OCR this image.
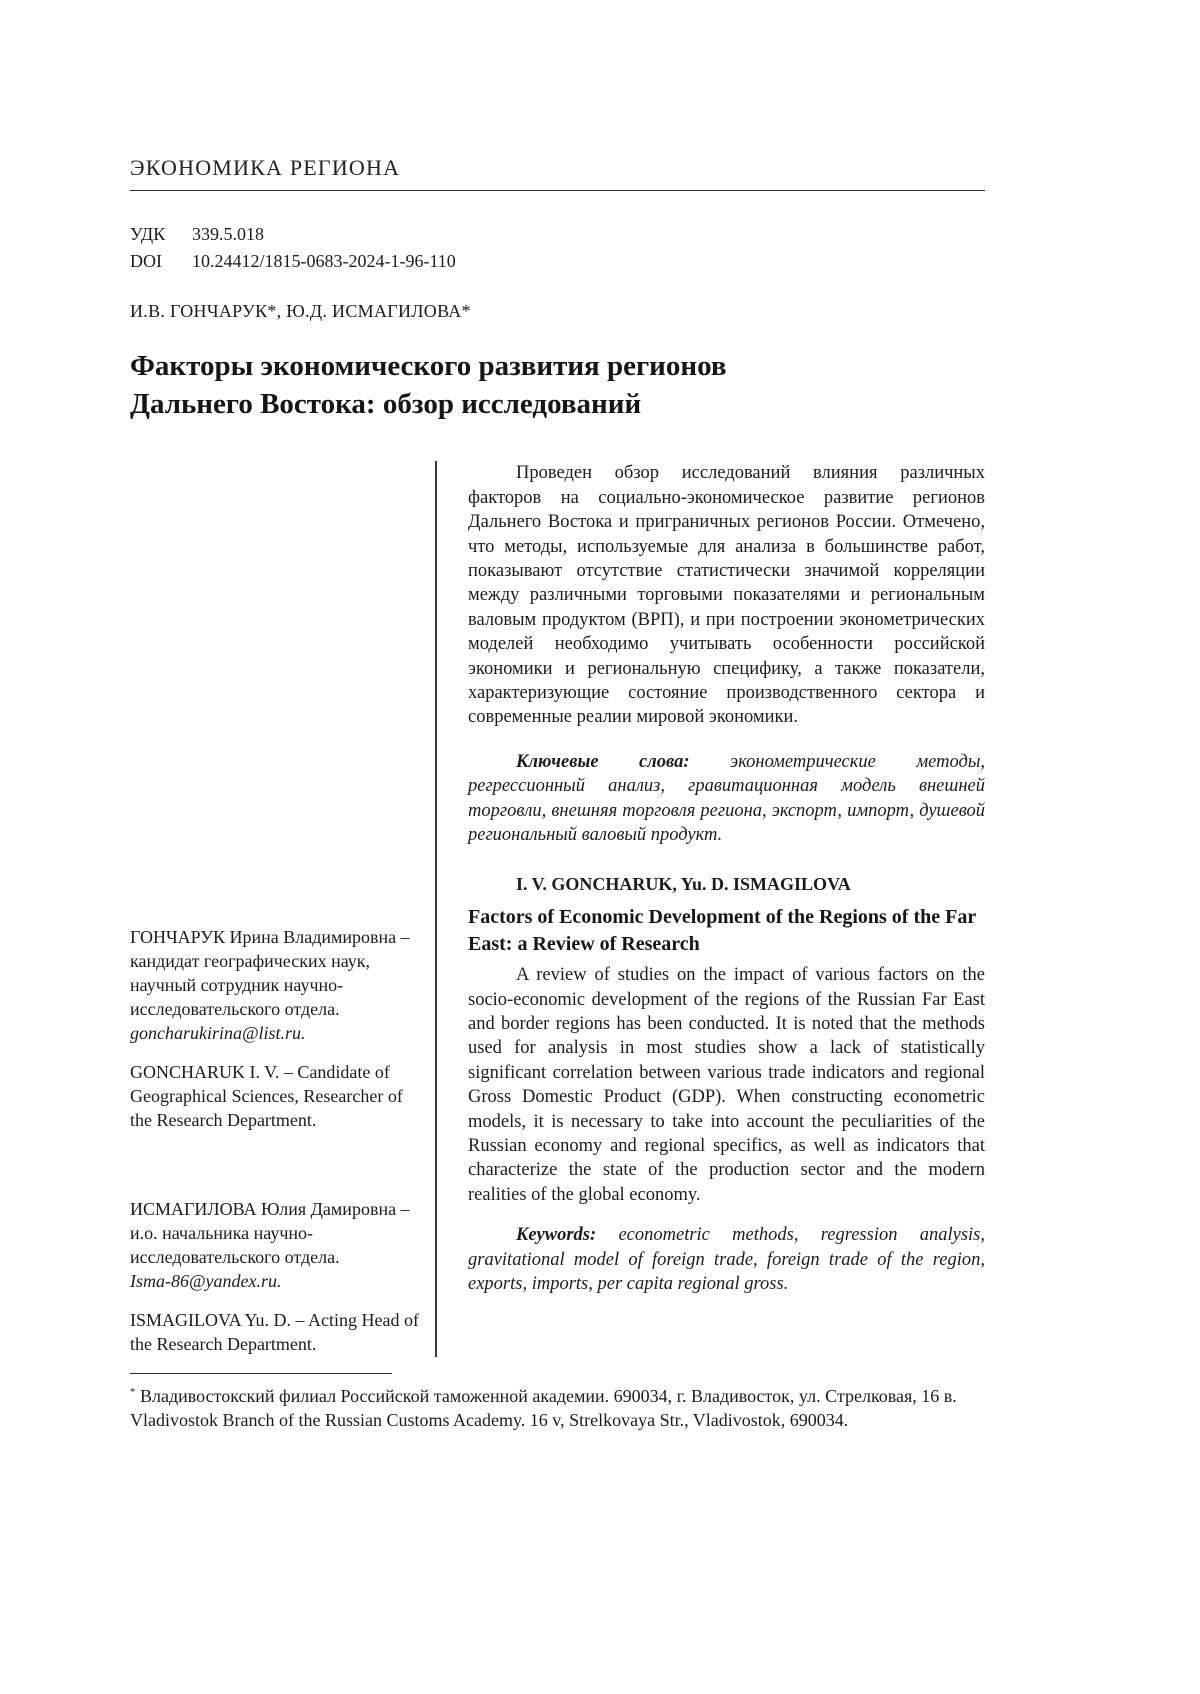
ЭКОНОМИКА РЕГИОНА
УДК	339.5.018
DOI	10.24412/1815-0683-2024-1-96-110
И.В. ГОНЧАРУК*, Ю.Д. ИСМАГИЛОВА*
Факторы экономического развития регионов Дальнего Востока: обзор исследований
ГОНЧАРУК Ирина Владимировна – кандидат географических наук, научный сотрудник научно-исследовательского отдела.
goncharukirina@list.ru.
GONCHARUK I. V. – Candidate of Geographical Sciences, Researcher of the Research Department.
ИСМАГИЛОВА Юлия Дамировна – и.о. начальника научно-исследовательского отдела.
Isma-86@yandex.ru.
ISMAGILOVA Yu. D. – Acting Head of the Research Department.

Проведен обзор исследований влияния различных факторов на социально-экономическое развитие регионов Дальнего Востока и приграничных регионов России. Отмечено, что методы, используемые для анализа в большинстве работ, показывают отсутствие статистически значимой корреляции между различными торговыми показателями и региональным валовым продуктом (ВРП), и при построении эконометрических моделей необходимо учитывать особенности российской экономики и региональную специфику, а также показатели, характеризующие состояние производственного сектора и современные реалии мировой экономики.

Ключевые слова: эконометрические методы, регрессионный анализ, гравитационная модель внешней торговли, внешняя торговля региона, экспорт, импорт, душевой региональный валовый продукт.

I. V. GONCHARUK, Yu. D. ISMAGILOVA

Factors of Economic Development of the Regions of the Far East: a Review of Research

A review of studies on the impact of various factors on the socio-economic development of the regions of the Russian Far East and border regions has been conducted. It is noted that the methods used for analysis in most studies show a lack of statistically significant correlation between various trade indicators and regional Gross Domestic Product (GDP). When constructing econometric models, it is necessary to take into account the peculiarities of the Russian economy and regional specifics, as well as indicators that characterize the state of the production sector and the modern realities of the global economy.

Keywords: econometric methods, regression analysis, gravitational model of foreign trade, foreign trade of the region, exports, imports, per capita regional gross.

* Владивостокский филиал Российской таможенной академии. 690034, г. Владивосток, ул. Стрелковая, 16 в.

Vladivostok Branch of the Russian Customs Academy. 16 v, Strelkovaya Str., Vladivostok, 690034.
